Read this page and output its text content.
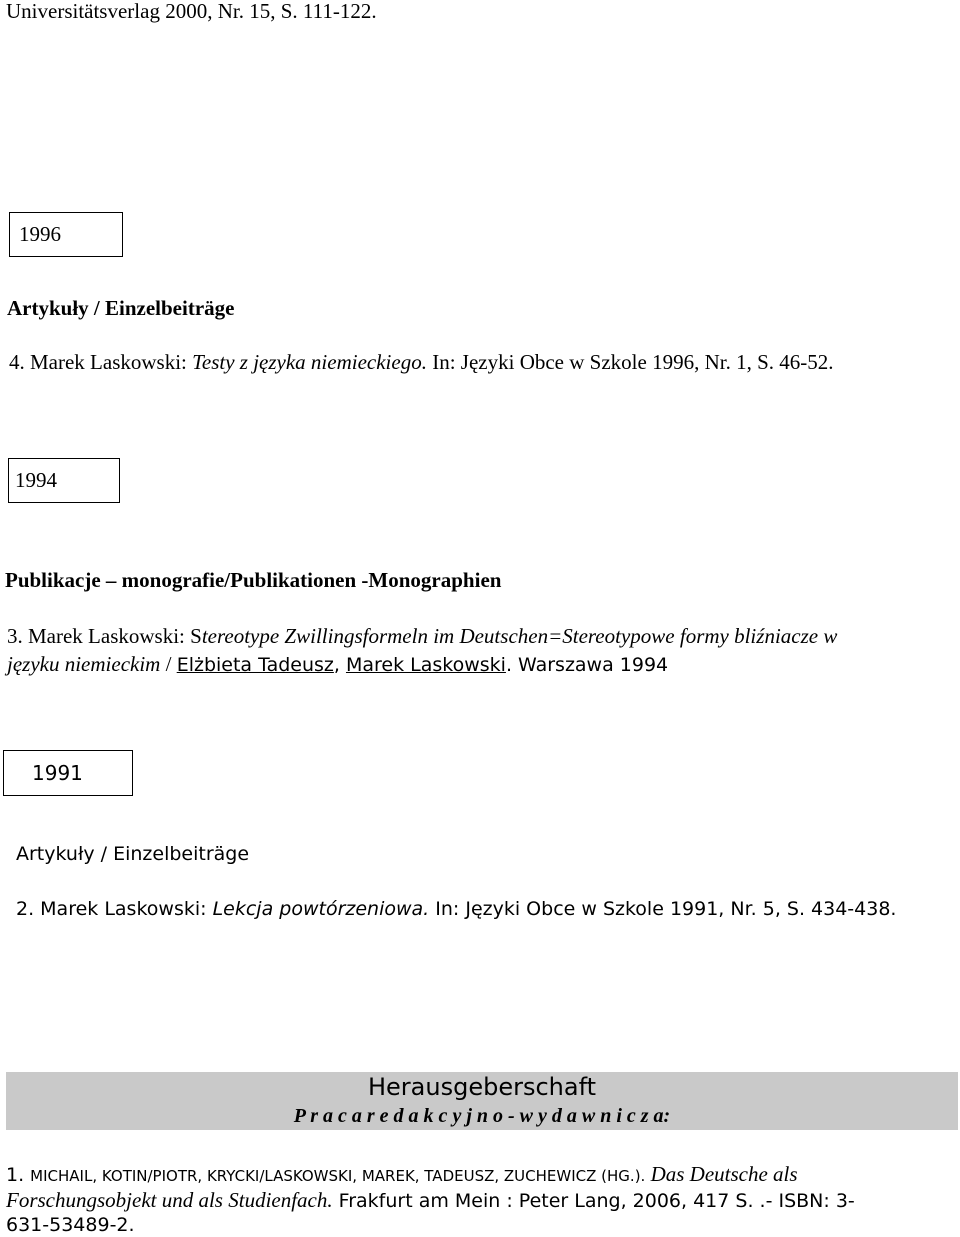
Universitätsverlag 2000, Nr. 15, S. 111-122.
1996
Artykuły / Einzelbeiträge
4. Marek Laskowski: Testy z języka niemieckiego. In: Języki Obce w Szkole 1996, Nr. 1, S. 46-52.
1994
Publikacje – monografie/Publikationen -Monographien
3. Marek Laskowski: Stereotype Zwillingsformeln im Deutschen=Stereotypowe formy bliźniacze w
języku niemieckim / Elżbieta Tadeusz, Marek Laskowski. Warszawa 1994
1991
Artykuły / Einzelbeiträge
2. Marek Laskowski: Lekcja powtórzeniowa. In: Języki Obce w Szkole 1991, Nr. 5, S. 434-438.
Herausgeberschaft
P r a c a r e d a k c y j n o - w y d a w n i c z a:
1. MICHAIL, KOTIN/PIOTR, KRYCKI/LASKOWSKI, MAREK, TADEUSZ, ZUCHEWICZ (HG.). Das Deutsche als
Forschungsobjekt und als Studienfach. Frakfurt am Mein : Peter Lang, 2006, 417 S. .- ISBN: 3-
631-53489-2.
